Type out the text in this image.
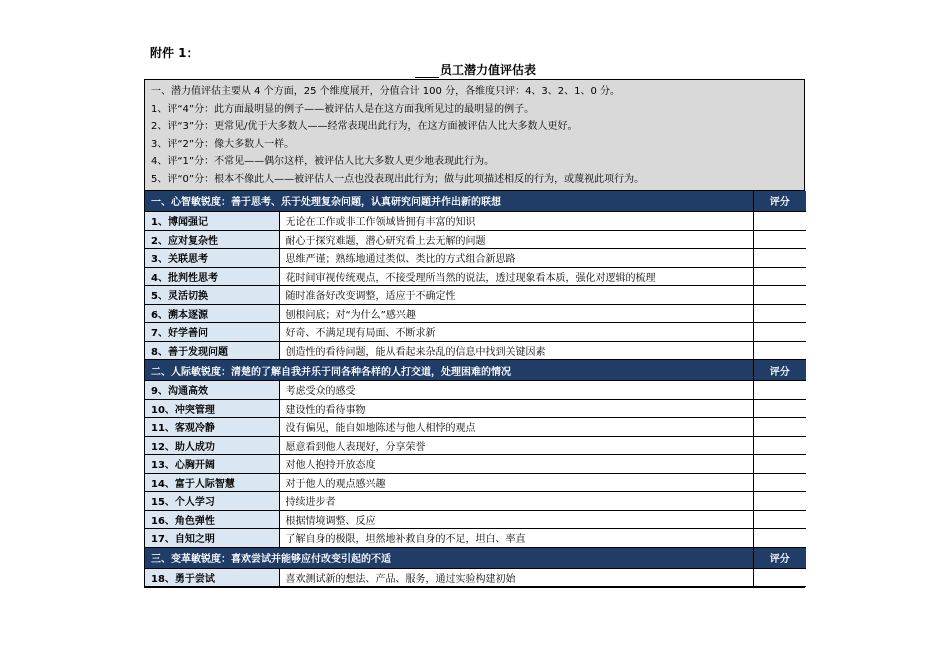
附件 1：
员工潜力值评估表
一、潜力值评估主要从 4 个方面，25 个维度展开，分值合计 100 分，各维度只评：4、3、2、1、0 分。
1、评“4”分：此方面最明显的例子——被评估人是在这方面我所见过的最明显的例子。
2、评“3”分：更常见/优于大多数人——经常表现出此行为，在这方面被评估人比大多数人更好。
3、评“2”分：像大多数人一样。
4、评“1”分：不常见——偶尔这样，被评估人比大多数人更少地表现此行为。
5、评“0”分：根本不像此人——被评估人一点也没表现出此行为；做与此项描述相反的行为，或蔑视此项行为。
一、心智敏锐度：善于思考、乐于处理复杂问题，认真研究问题并作出新的联想		评分
1、博闻强记	无论在工作或非工作领域皆拥有丰富的知识	
2、应对复杂性	耐心于探究难题，潜心研究看上去无解的问题	
3、关联思考	思维严谨；熟练地通过类似、类比的方式组合新思路	
4、批判性思考	花时间审视传统观点，不接受理所当然的说法，透过现象看本质，强化对逻辑的梳理	
5、灵活切换	随时准备好改变调整，适应于不确定性	
6、溯本逐源	刨根问底；对“为什么”感兴趣	
7、好学善问	好奇、不满足现有局面、不断求新	
8、善于发现问题	创造性的看待问题，能从看起来杂乱的信息中找到关键因素	
二、人际敏锐度：清楚的了解自我并乐于同各种各样的人打交道，处理困难的情况		评分
9、沟通高效	考虑受众的感受	
10、冲突管理	建设性的看待事物	
11、客观冷静	没有偏见，能自如地陈述与他人相悖的观点	
12、助人成功	愿意看到他人表现好，分享荣誉	
13、心胸开阔	对他人抱持开放态度	
14、富于人际智慧	对于他人的观点感兴趣	
15、个人学习	持续进步者	
16、角色弹性	根据情境调整、反应	
17、自知之明	了解自身的极限，坦然地补救自身的不足，坦白、率直	
三、变革敏锐度：喜欢尝试并能够应付改变引起的不适		评分
18、勇于尝试	喜欢测试新的想法、产品、服务，通过实验构建初始	
